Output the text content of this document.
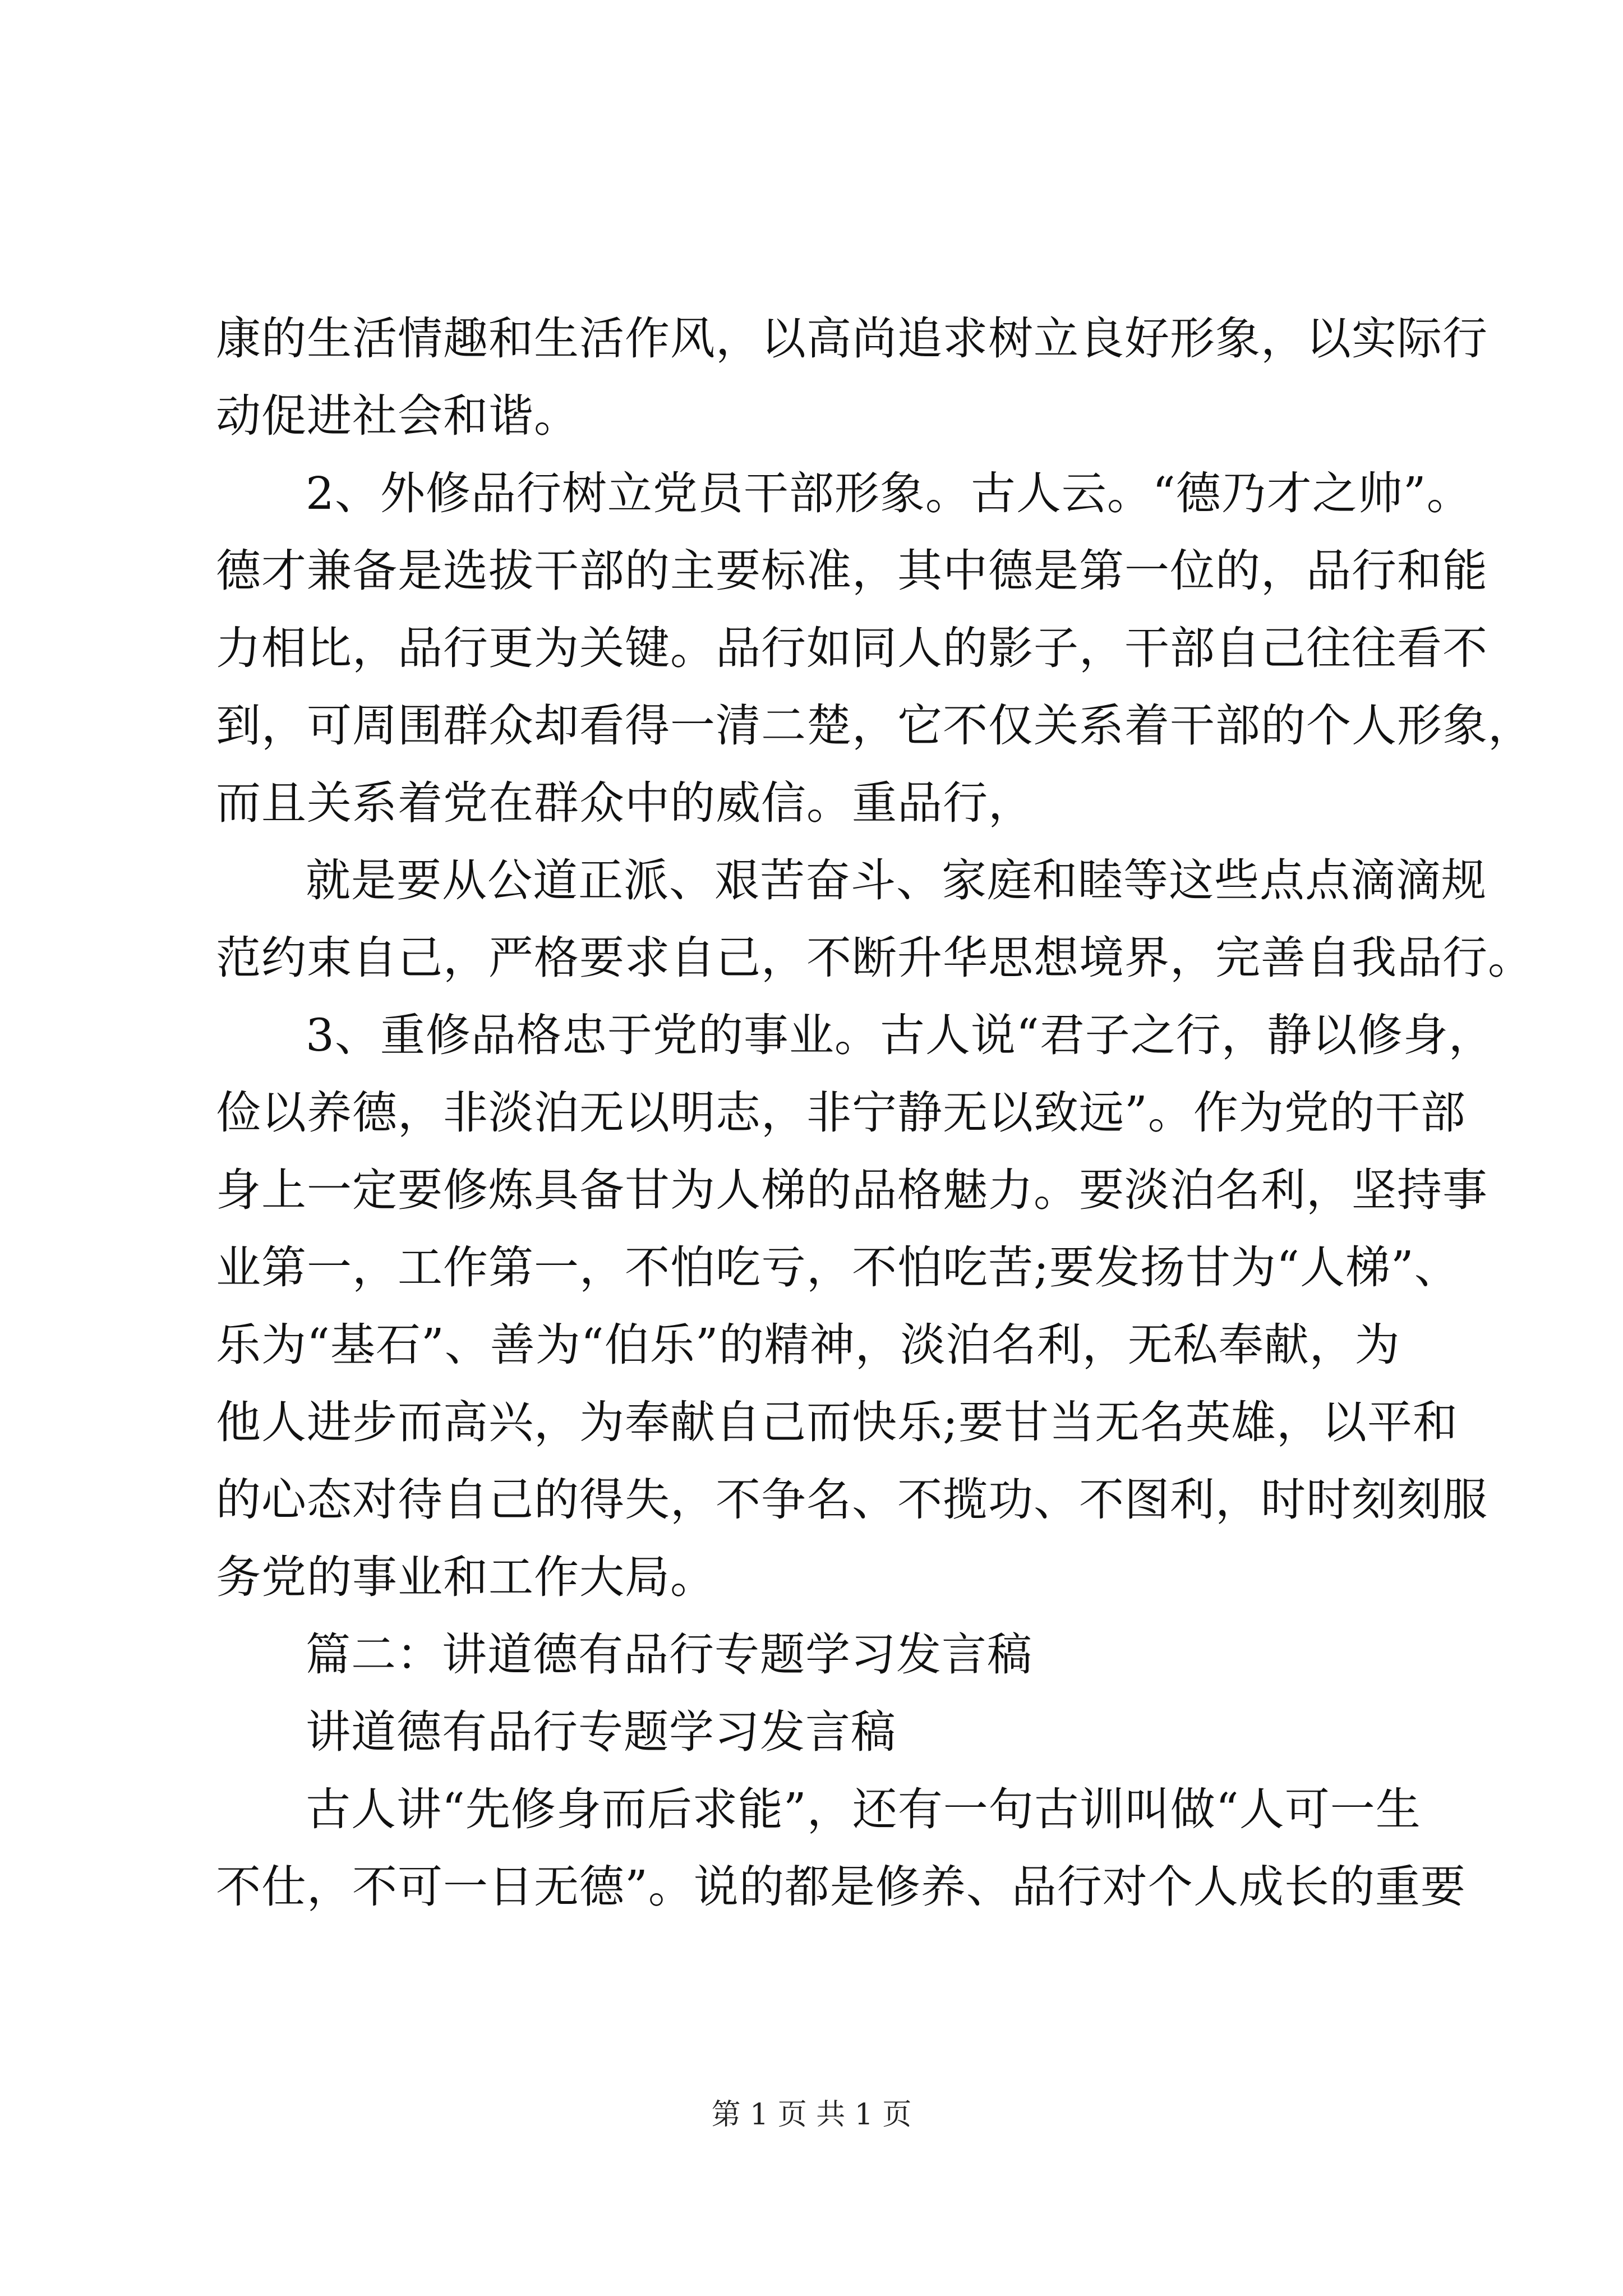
康的生活情趣和生活作风，以高尚追求树立良好形象，以实际行
动促进社会和谐。
2、外修品行树立党员干部形象。古人云。“德乃才之帅”。
德才兼备是选拔干部的主要标准，其中德是第一位的，品行和能
力相比，品行更为关键。品行如同人的影子，干部自己往往看不
到，可周围群众却看得一清二楚，它不仅关系着干部的个人形象，
而且关系着党在群众中的威信。重品行，
就是要从公道正派、艰苦奋斗、家庭和睦等这些点点滴滴规
范约束自己，严格要求自己，不断升华思想境界，完善自我品行。
3、重修品格忠于党的事业。古人说“君子之行，静以修身，
俭以养德，非淡泊无以明志，非宁静无以致远”。作为党的干部
身上一定要修炼具备甘为人梯的品格魅力。要淡泊名利，坚持事
业第一，工作第一，不怕吃亏，不怕吃苦;要发扬甘为“人梯”、
乐为“基石”、善为“伯乐”的精神，淡泊名利，无私奉献，为
他人进步而高兴，为奉献自己而快乐;要甘当无名英雄，以平和
的心态对待自己的得失，不争名、不揽功、不图利，时时刻刻服
务党的事业和工作大局。
篇二：讲道德有品行专题学习发言稿
讲道德有品行专题学习发言稿
古人讲“先修身而后求能”，还有一句古训叫做“人可一生
不仕，不可一日无德”。说的都是修养、品行对个人成长的重要
第 1 页 共 1 页
